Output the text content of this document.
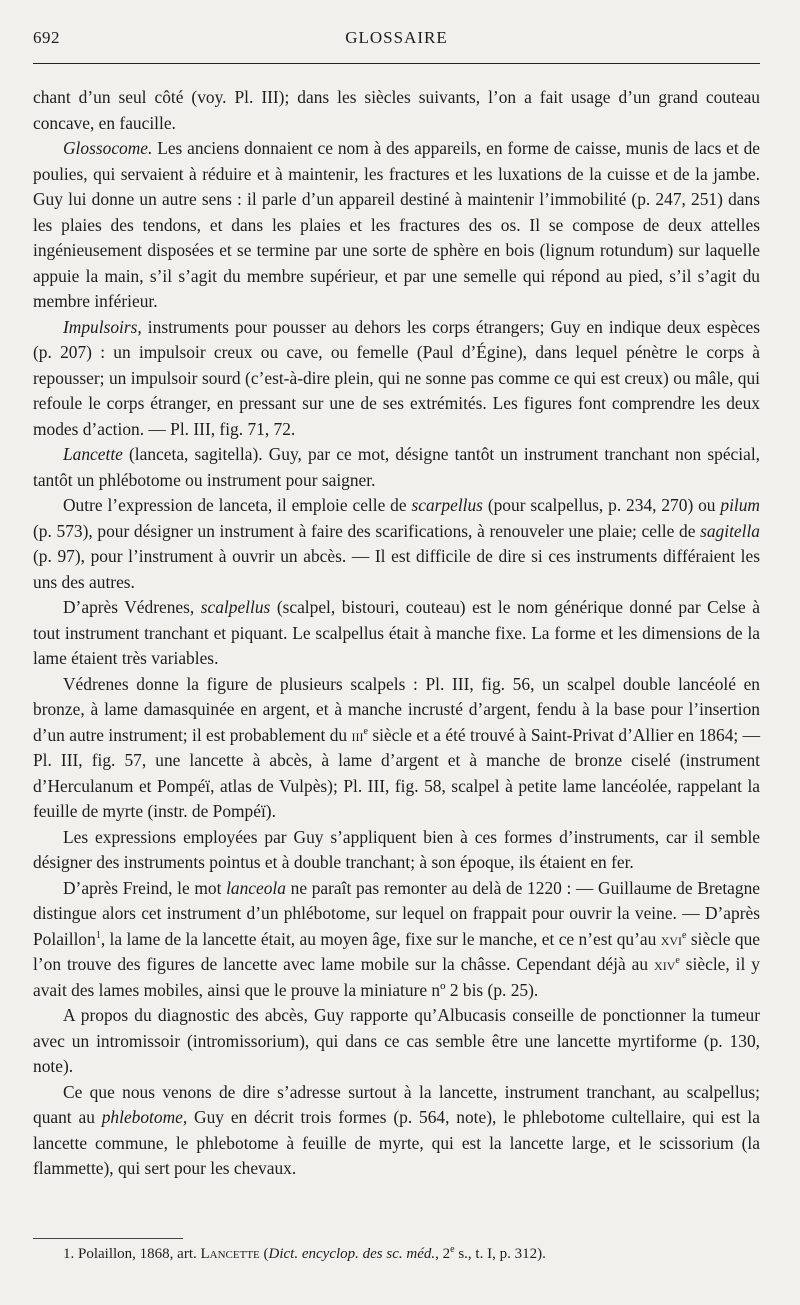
692	GLOSSAIRE

chant d’un seul côté (voy. Pl. III); dans les siècles suivants, l’on a fait usage d’un grand couteau concave, en faucille.

Glossocome. Les anciens donnaient ce nom à des appareils, en forme de caisse, munis de lacs et de poulies, qui servaient à réduire et à maintenir, les fractures et les luxations de la cuisse et de la jambe. Guy lui donne un autre sens : il parle d’un appareil destiné à maintenir l’immobilité (p. 247, 251) dans les plaies des tendons, et dans les plaies et les fractures des os. Il se compose de deux attelles ingénieusement disposées et se termine par une sorte de sphère en bois (lignum rotundum) sur laquelle appuie la main, s’il s’agit du membre supérieur, et par une semelle qui répond au pied, s’il s’agit du membre inférieur.

Impulsoirs, instruments pour pousser au dehors les corps étrangers; Guy en indique deux espèces (p. 207) : un impulsoir creux ou cave, ou femelle (Paul d’Égine), dans lequel pénètre le corps à repousser; un impulsoir sourd (c’est-à-dire plein, qui ne sonne pas comme ce qui est creux) ou mâle, qui refoule le corps étranger, en pressant sur une de ses extrémités. Les figures font comprendre les deux modes d’action. — Pl. III, fig. 71, 72.

Lancette (lanceta, sagitella). Guy, par ce mot, désigne tantôt un instrument tranchant non spécial, tantôt un phlébotome ou instrument pour saigner.

Outre l’expression de lanceta, il emploie celle de scarpellus (pour scalpellus, p. 234, 270) ou pilum (p. 573), pour désigner un instrument à faire des scarifications, à renouveler une plaie; celle de sagitella (p. 97), pour l’instrument à ouvrir un abcès. — Il est difficile de dire si ces instruments différaient les uns des autres.

D’après Védrenes, scalpellus (scalpel, bistouri, couteau) est le nom générique donné par Celse à tout instrument tranchant et piquant. Le scalpellus était à manche fixe. La forme et les dimensions de la lame étaient très variables.

Védrenes donne la figure de plusieurs scalpels : Pl. III, fig. 56, un scalpel double lancéolé en bronze, à lame damasquinée en argent, et à manche incrusté d’argent, fendu à la base pour l’insertion d’un autre instrument; il est probablement du iii$^e$ siècle et a été trouvé à Saint-Privat d’Allier en 1864; — Pl. III, fig. 57, une lancette à abcès, à lame d’argent et à manche de bronze ciselé (instrument d’Herculanum et Pompéï, atlas de Vulpès); Pl. III, fig. 58, scalpel à petite lame lancéolée, rappelant la feuille de myrte (instr. de Pompéï).

Les expressions employées par Guy s’appliquent bien à ces formes d’instruments, car il semble désigner des instruments pointus et à double tranchant; à son époque, ils étaient en fer.

D’après Freind, le mot lanceola ne paraît pas remonter au delà de 1220 : — Guillaume de Bretagne distingue alors cet instrument d’un phlébotome, sur lequel on frappait pour ouvrir la veine. — D’après Polaillon$^1$, la lame de la lancette était, au moyen âge, fixe sur le manche, et ce n’est qu’au xvi$^e$ siècle que l’on trouve des figures de lancette avec lame mobile sur la châsse. Cependant déjà au xiv$^e$ siècle, il y avait des lames mobiles, ainsi que le prouve la miniature nº 2 bis (p. 25).

A propos du diagnostic des abcès, Guy rapporte qu’Albucasis conseille de ponctionner la tumeur avec un intromissoir (intromissorium), qui dans ce cas semble être une lancette myrtiforme (p. 130, note).

Ce que nous venons de dire s’adresse surtout à la lancette, instrument tranchant, au scalpellus; quant au phlebotome, Guy en décrit trois formes (p. 564, note), le phlebotome cultellaire, qui est la lancette commune, le phlebotome à feuille de myrte, qui est la lancette large, et le scissorium (la flammette), qui sert pour les chevaux.

1. Polaillon, 1868, art. Lancette (Dict. encyclop. des sc. méd., 2e s., t. I, p. 312).
